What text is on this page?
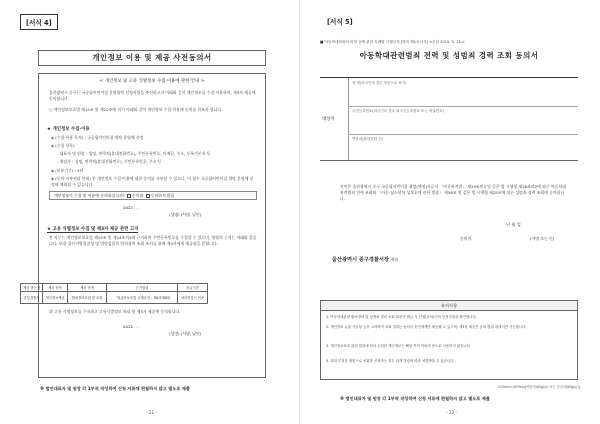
[서식 4]
개인정보 이용 및 제공 사전동의서
< 개인정보 및 고유 식별정보 수집·이용에 관한 안내 >
울산광역시 중구는 국공립어린이집 운영위탁 선정사업을 추진하고자 아래와 같이 개인정보를 수집·이용하며, 제3자 제공에 동의합니다.
○ 개인정보보호법 제15조 및 제22조에 의거 아래와 같이 개인정보 수집·이용에 동의를 한조사 합니다.
★ 개인정보 수집·이용
◈ (수집·이용 목적) : 국공립어린이집 위탁 운영체 선정
◈ (수집 항목)
- 대표자 및 원장 : 성명, 연락처(휴대전화번호), 주민등록번호, 이메일, 주소, 등록기본지 등
- 위임자 : 성명, 연락처(휴대전화번호), 주민등록번호, 주소 등
◈ (보유기간) : 5년
◈ (동의 거부권리 안내) 본 개인정보 수집·이용에 대한 동의를 거부할 수 있으나, 이 경우 국공립어린이집 위탁 운영체 선정에 제외될 수 있습니다.
개인정보의 수집 및 이용에 동의하십니까? 동의함 동의하지 않음
2022 . .
(성명) (서명, 날인)
★ 고유 식별정보 수집 및 제3자 제공 관련 고지
본 사무는 개인정보보호법 제15조 및 제24조의2에 근거하여 주민등록번호를 수집할 수 있으며, 법령의 근거는 아래와 같습니다. 또한 울산지방경찰청 및 법원검찰의 범죄경력 조회 조치를 위해 제3자에게 제공함을 알립니다.
위 고유 식별정보를 수지하고 고유식별정보 처리 및 제3자 제공에 동의합니다.
2022 . .
(성명) (서명, 날인)
제공 받는자	제공 항목	제공 목적	근거법령	보유기간
중부경찰서	개인정보제공	범죄경력조회 및 조회	「영유아보육법 시행규칙」제4조제6항	처리영업시 이용
※ 법인대표자 및 원장 각 1부씩 작성하여 신청 서류에 편철하지 않고 별도로 제출
- 21 -
[서식 5]
■ 아동학대범죄의 처벌 등에 관한 특례법 시행규칙 [별지 제1호서식] <신설 2015. 3. 13.>
아동학대관련범죄 전력 및 성범죄 경력 조회 동의서
대상자
성 명(외국인의 경우 영문으로 표기)
주민등록번호(외국인의 경우 외국인등록번호 또는 여권번호)
연락처(휴대전화 등)
본인은 울산광역시 중구 국공립어린이집 취업(예정)자로서 「아동복지법」 제29조의3 및 같은 법 시행령 제26조의2에 따른 아동학대관련범죄 전력 조회와 「아동·청소년의 성보호에 관한 법률」 제56조 및 같은 법 시행령 제25조에 따른 성범죄 경력 조회에 동의합니다.
년 월 일
동의자	(서명 또는 인)
울산광역시 중구경찰서장 귀하
유의사항
1. 아동학대관련 범죄경력 및 성범죄 경력 조회 회신서 발급 시 신청(동의)인의 인적사항을 확인합니다.
2. 개인정보 유출 가능성 등을 고려하여 조회 결과는 동의자 본인에게만 제공될 수 있으며, 제3자 제공은 동의 범위 내에서만 가능합니다.
3. 개인정보보호 관련 법령에 따라 수집한 개인정보는 해당 목적 이외의 용도로 사용하지 않습니다.
4. 허위·부정한 방법으로 조회를 신청하는 경우 관계 법령에 따라 처벌받을 수 있습니다.
210mm×297mm[백상지(80g/㎡) 또는 중질지(80g/㎡)]
※ 법인대표자 및 원장 각 1부씩 작성하여 신청 서류에 편철하지 않고 별도로 제출
- 22 -
